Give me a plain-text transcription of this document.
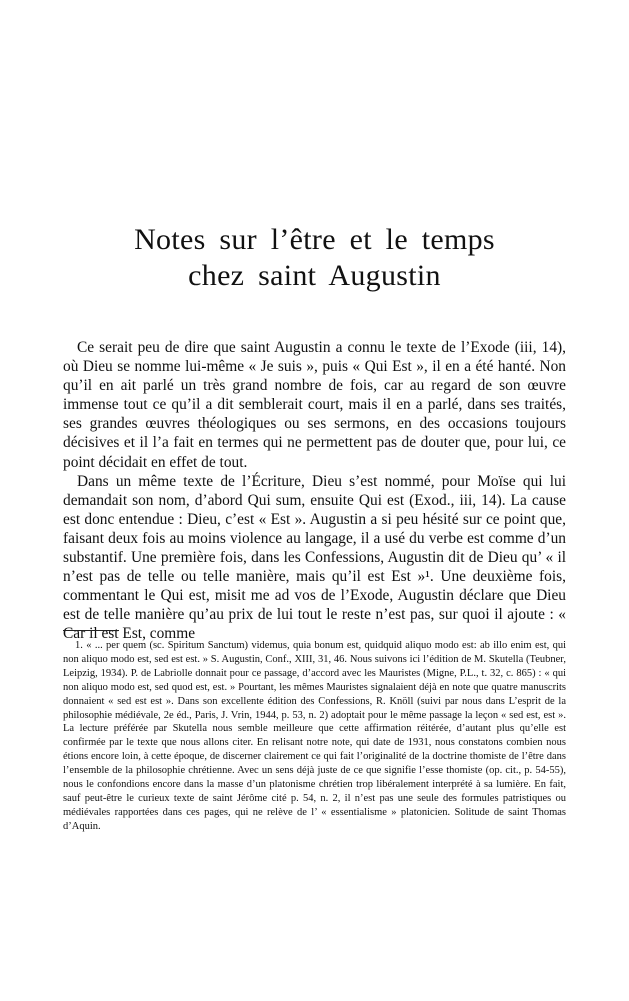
Notes sur l’être et le temps
chez saint Augustin

Ce serait peu de dire que saint Augustin a connu le texte de l’Exode (iii, 14), où Dieu se nomme lui-même « Je suis », puis « Qui Est », il en a été hanté. Non qu’il en ait parlé un très grand nombre de fois, car au regard de son œuvre immense tout ce qu’il a dit semblerait court, mais il en a parlé, dans ses traités, ses grandes œuvres théologiques ou ses sermons, en des occasions toujours décisives et il l’a fait en termes qui ne permettent pas de douter que, pour lui, ce point décidait en effet de tout.

Dans un même texte de l’Écriture, Dieu s’est nommé, pour Moïse qui lui demandait son nom, d’abord Qui sum, ensuite Qui est (Exod., iii, 14). La cause est donc entendue : Dieu, c’est « Est ». Augustin a si peu hésité sur ce point que, faisant deux fois au moins violence au langage, il a usé du verbe est comme d’un substantif. Une première fois, dans les Confessions, Augustin dit de Dieu qu’ « il n’est pas de telle ou telle manière, mais qu’il est Est »¹. Une deuxième fois, commentant le Qui est, misit me ad vos de l’Exode, Augustin déclare que Dieu est de telle manière qu’au prix de lui tout le reste n’est pas, sur quoi il ajoute : « Car il est Est, comme

1. « ... per quem (sc. Spiritum Sanctum) videmus, quia bonum est, quidquid aliquo modo est: ab illo enim est, qui non aliquo modo est, sed est est. » S. Augustin, Conf., XIII, 31, 46. Nous suivons ici l’édition de M. Skutella (Teubner, Leipzig, 1934). P. de Labriolle donnait pour ce passage, d’accord avec les Mauristes (Migne, P.L., t. 32, c. 865) : « qui non aliquo modo est, sed quod est, est. » Pourtant, les mêmes Mauristes signalaient déjà en note que quatre manuscrits donnaient « sed est est ». Dans son excellente édition des Confessions, R. Knöll (suivi par nous dans L’esprit de la philosophie médiévale, 2e éd., Paris, J. Vrin, 1944, p. 53, n. 2) adoptait pour le même passage la leçon « sed est, est ». La lecture préférée par Skutella nous semble meilleure que cette affirmation réitérée, d’autant plus qu’elle est confirmée par le texte que nous allons citer. En relisant notre note, qui date de 1931, nous constatons combien nous étions encore loin, à cette époque, de discerner clairement ce qui fait l’originalité de la doctrine thomiste de l’être dans l’ensemble de la philosophie chrétienne. Avec un sens déjà juste de ce que signifie l’esse thomiste (op. cit., p. 54-55), nous le confondions encore dans la masse d’un platonisme chrétien trop libéralement interprété à sa lumière. En fait, sauf peut-être le curieux texte de saint Jérôme cité p. 54, n. 2, il n’est pas une seule des formules patristiques ou médiévales rapportées dans ces pages, qui ne relève de l’ « essentialisme » platonicien. Solitude de saint Thomas d’Aquin.
